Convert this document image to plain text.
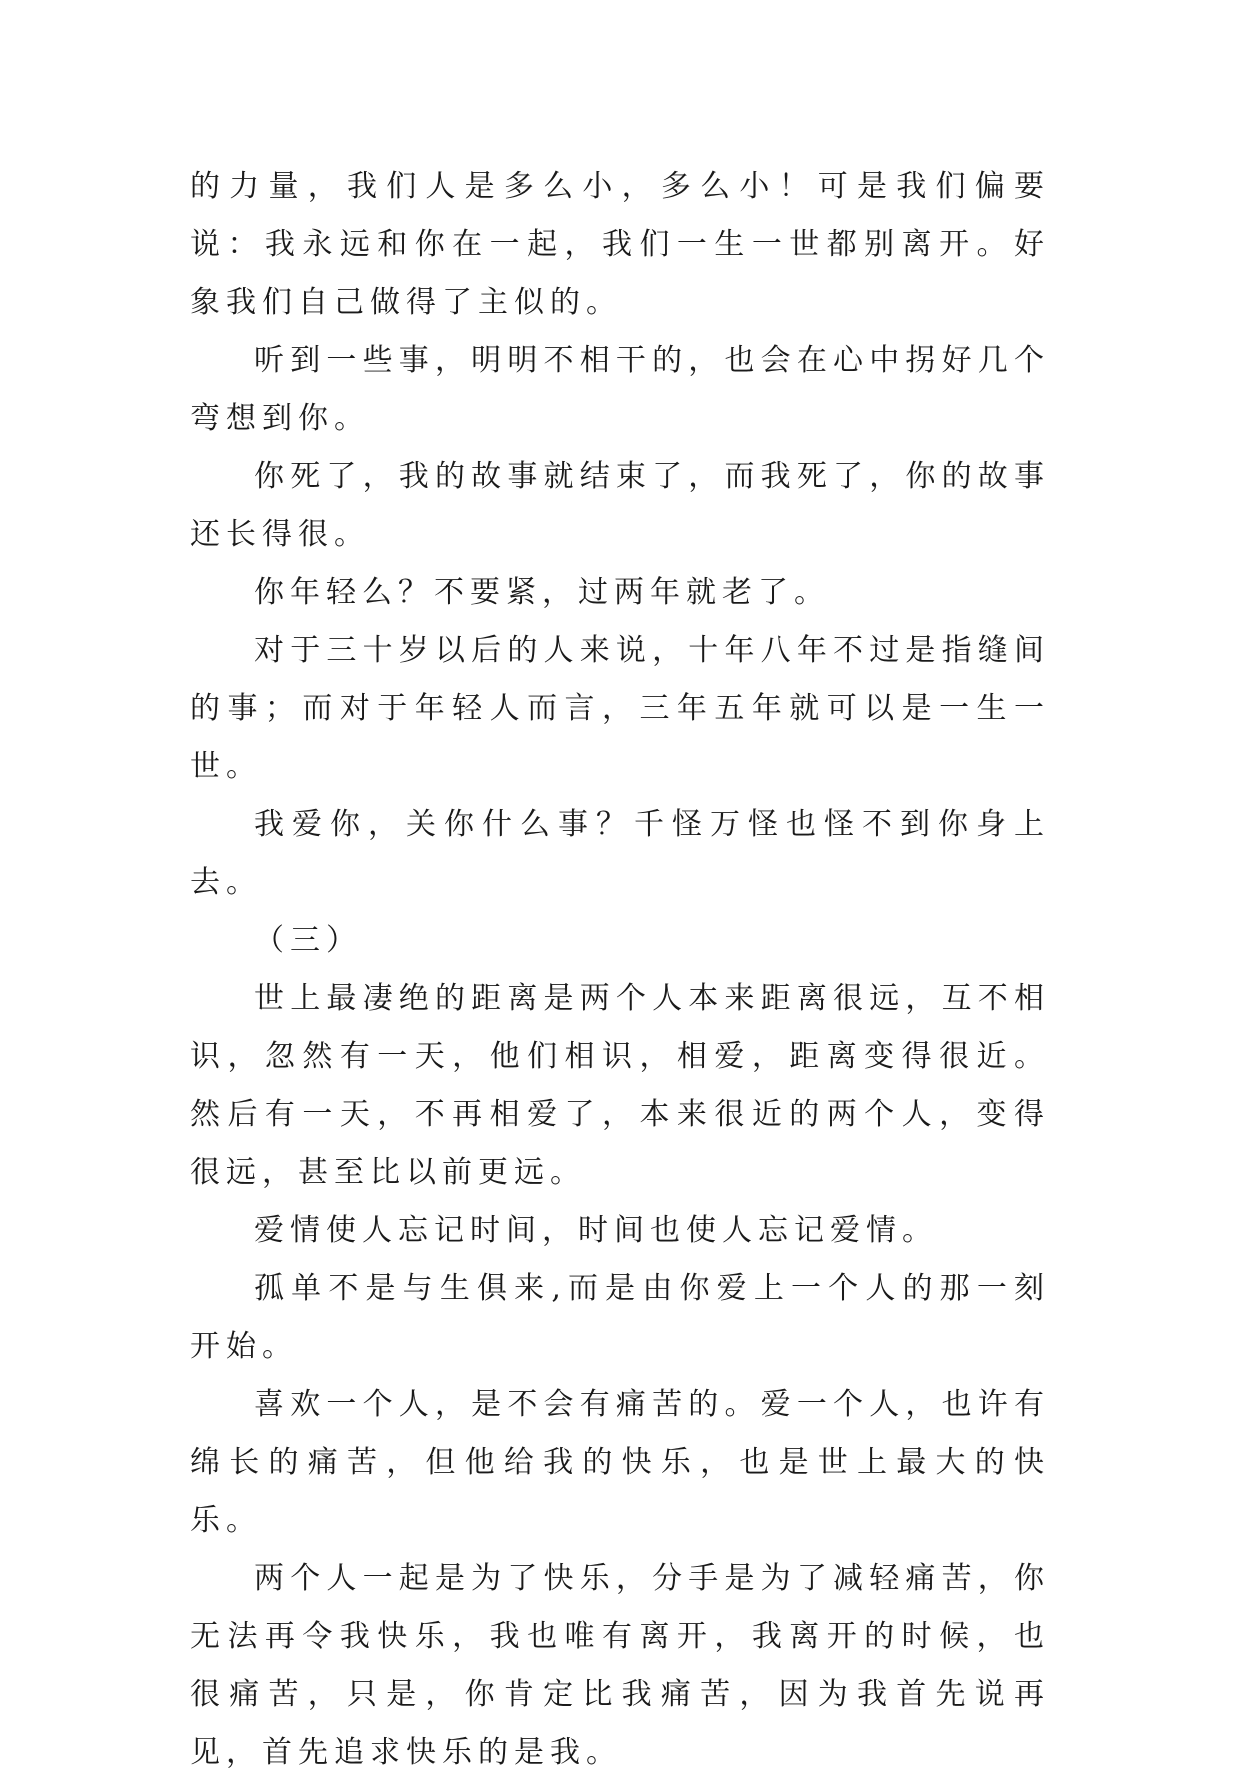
的力量，我们人是多么小，多么小！可是我们偏要说：我永远和你在一起，我们一生一世都别离开。好象我们自己做得了主似的。

听到一些事，明明不相干的，也会在心中拐好几个弯想到你。

你死了，我的故事就结束了，而我死了，你的故事还长得很。

你年轻么？不要紧，过两年就老了。

对于三十岁以后的人来说，十年八年不过是指缝间的事；而对于年轻人而言，三年五年就可以是一生一世。

我爱你，关你什么事？千怪万怪也怪不到你身上去。

（三）

世上最凄绝的距离是两个人本来距离很远，互不相识，忽然有一天，他们相识，相爱，距离变得很近。然后有一天，不再相爱了，本来很近的两个人，变得很远，甚至比以前更远。

爱情使人忘记时间，时间也使人忘记爱情。

孤单不是与生俱来,而是由你爱上一个人的那一刻开始。

喜欢一个人，是不会有痛苦的。爱一个人，也许有绵长的痛苦，但他给我的快乐，也是世上最大的快乐。

两个人一起是为了快乐，分手是为了减轻痛苦，你无法再令我快乐，我也唯有离开，我离开的时候，也很痛苦，只是，你肯定比我痛苦，因为我首先说再见，首先追求快乐的是我。
